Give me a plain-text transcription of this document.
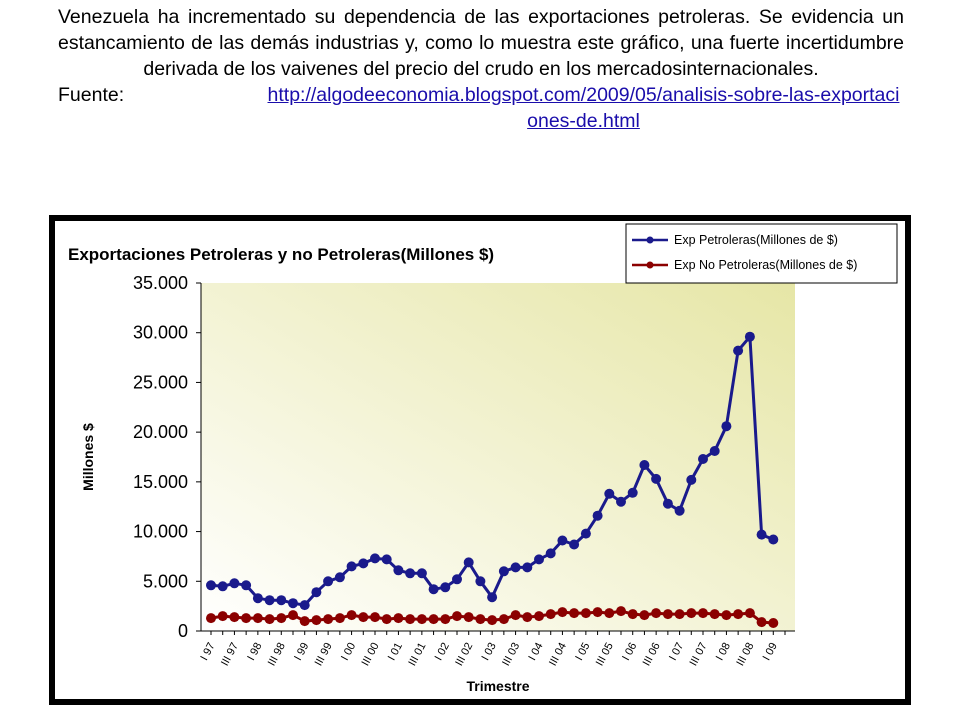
Venezuela ha incrementado su dependencia de las exportaciones petroleras. Se evidencia un estancamiento de las demás industrias y, como lo muestra este gráfico, una fuerte incertidumbre derivada de los vaivenes del precio del crudo en los mercadosinternacionales.

Fuente:	http://algodeeconomia.blogspot.com/2009/05/analisis-sobre-las-exportaciones-de.html
Exportaciones Petroleras y no Petroleras(Millones $)
Millones $
Trimestre
0
5.000
10.000
15.000
20.000
25.000
30.000
35.000
I 97 III 97 I 98 III 98 I 99 III 99 I 00 III 00 I 01 III 01 I 02 III 02 I 03 III 03 I 04 III 04 I 05 III 05 I 06 III 06 I 07 III 07 I 08 III 08 I 09
Exp Petroleras(Millones de $)
Exp No Petroleras(Millones de $)
